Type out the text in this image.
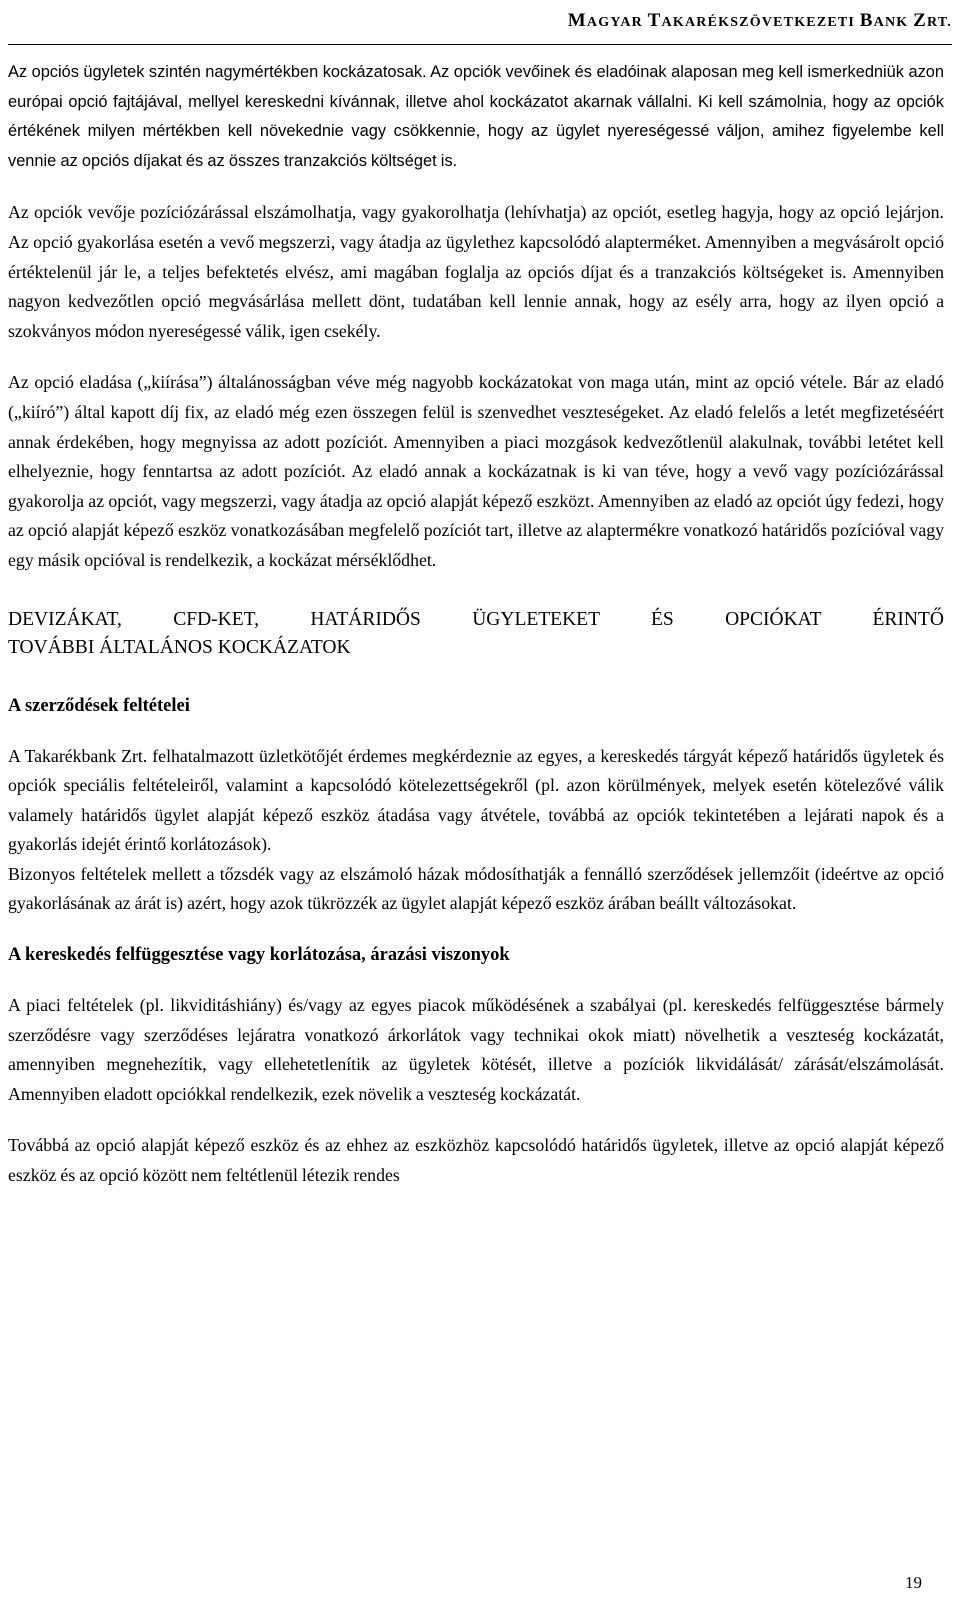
MAGYAR TAKARÉKSZÖVETKEZETI BANK ZRT.

Az opciós ügyletek szintén nagymértékben kockázatosak. Az opciók vevőinek és eladóinak alaposan meg kell ismerkedniük azon európai opció fajtájával, mellyel kereskedni kívánnak, illetve ahol kockázatot akarnak vállalni. Ki kell számolnia, hogy az opciók értékének milyen mértékben kell növekednie vagy csökkennie, hogy az ügylet nyereségessé váljon, amihez figyelembe kell vennie az opciós díjakat és az összes tranzakciós költséget is.

Az opciók vevője pozíciózárással elszámolhatja, vagy gyakorolhatja (lehívhatja) az opciót, esetleg hagyja, hogy az opció lejárjon. Az opció gyakorlása esetén a vevő megszerzi, vagy átadja az ügylethez kapcsolódó alapterméket. Amennyiben a megvásárolt opció értéktelenül jár le, a teljes befektetés elvész, ami magában foglalja az opciós díjat és a tranzakciós költségeket is. Amennyiben nagyon kedvezőtlen opció megvásárlása mellett dönt, tudatában kell lennie annak, hogy az esély arra, hogy az ilyen opció a szokványos módon nyereségessé válik, igen csekély.

Az opció eladása („kiírása”) általánosságban véve még nagyobb kockázatokat von maga után, mint az opció vétele. Bár az eladó („kiíró”) által kapott díj fix, az eladó még ezen összegen felül is szenvedhet veszteségeket. Az eladó felelős a letét megfizetéséért annak érdekében, hogy megnyissa az adott pozíciót. Amennyiben a piaci mozgások kedvezőtlenül alakulnak, további letétet kell elhelyeznie, hogy fenntartsa az adott pozíciót. Az eladó annak a kockázatnak is ki van téve, hogy a vevő vagy pozíciózárással gyakorolja az opciót, vagy megszerzi, vagy átadja az opció alapját képező eszközt. Amennyiben az eladó az opciót úgy fedezi, hogy az opció alapját képező eszköz vonatkozásában megfelelő pozíciót tart, illetve az alaptermékre vonatkozó határidős pozícióval vagy egy másik opcióval is rendelkezik, a kockázat mérséklődhet.

DEVIZÁKAT, CFD-KET, HATÁRIDŐS ÜGYLETEKET ÉS OPCIÓKAT ÉRINTŐ
TOVÁBBI ÁLTALÁNOS KOCKÁZATOK
A szerződések feltételei

A Takarékbank Zrt. felhatalmazott üzletkötőjét érdemes megkérdeznie az egyes, a kereskedés tárgyát képező határidős ügyletek és opciók speciális feltételeiről, valamint a kapcsolódó kötelezettségekről (pl. azon körülmények, melyek esetén kötelezővé válik valamely határidős ügylet alapját képező eszköz átadása vagy átvétele, továbbá az opciók tekintetében a lejárati napok és a gyakorlás idejét érintő korlátozások).

Bizonyos feltételek mellett a tőzsdék vagy az elszámoló házak módosíthatják a fennálló szerződések jellemzőit (ideértve az opció gyakorlásának az árát is) azért, hogy azok tükrözzék az ügylet alapját képező eszköz árában beállt változásokat.

A kereskedés felfüggesztése vagy korlátozása, árazási viszonyok

A piaci feltételek (pl. likviditáshiány) és/vagy az egyes piacok működésének a szabályai (pl. kereskedés felfüggesztése bármely szerződésre vagy szerződéses lejáratra vonatkozó árkorlátok vagy technikai okok miatt) növelhetik a veszteség kockázatát, amennyiben megnehezítik, vagy ellehetetlenítik az ügyletek kötését, illetve a pozíciók likvidálását/ zárását/elszámolását. Amennyiben eladott opciókkal rendelkezik, ezek növelik a veszteség kockázatát.

Továbbá az opció alapját képező eszköz és az ehhez az eszközhöz kapcsolódó határidős ügyletek, illetve az opció alapját képező eszköz és az opció között nem feltétlenül létezik rendes

19
